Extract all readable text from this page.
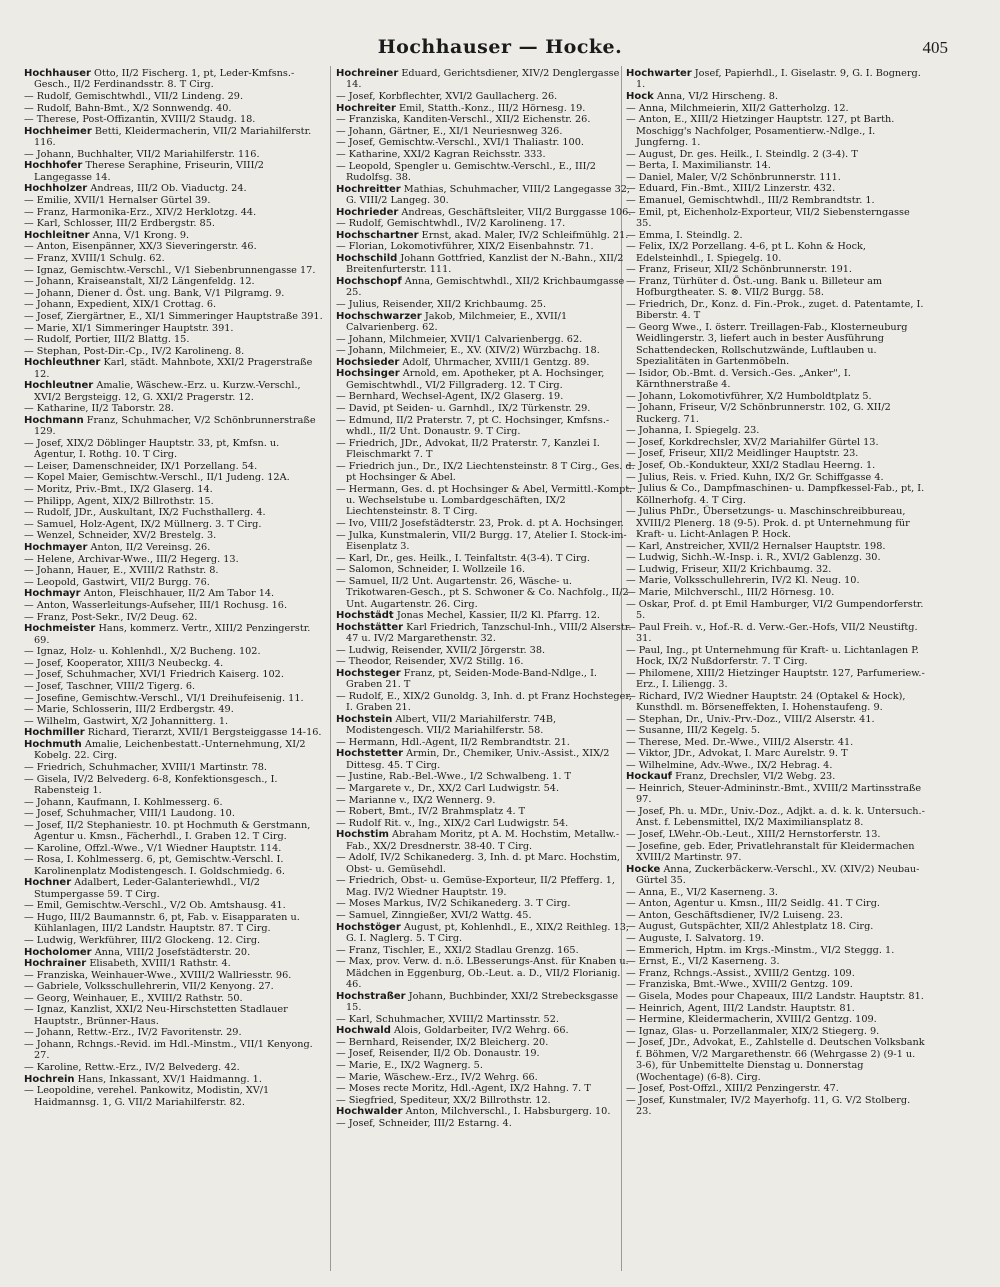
Hochhauser — Hocke.	405
Hochhauser Otto, II/2 Fischerg. 1, pt, Leder-Kmfsns.-Gesch., II/2 Ferdinandsstr. 8. T Cirg.
— Rudolf, Gemischtwhdl., VII/2 Lindeng. 29.
— Rudolf, Bahn-Bmt., X/2 Sonnwendg. 40.
— Therese, Post-Offizantin, XVIII/2 Staudg. 18.
Hochheimer Betti, Kleidermacherin, VII/2 Mariahilferstr. 116.
— Johann, Buchhalter, VII/2 Mariahilferstr. 116.
Hochhofer Therese Seraphine, Friseurin, VIII/2 Langegasse 14.
Hochholzer Andreas, III/2 Ob. Viaductg. 24.
— Emilie, XVII/1 Hernalser Gürtel 39.
— Franz, Harmonika-Erz., XIV/2 Herklotzg. 44.
— Karl, Schlosser, III/2 Erdbergstr. 85.
Hochleitner Anna, V/1 Krong. 9.
— Anton, Eisenpänner, XX/3 Sieveringerstr. 46.
— Franz, XVIII/1 Schulg. 62.
— Ignaz, Gemischtw.-Verschl., V/1 Siebenbrunnengasse 17.
— Johann, Kraiseanstalt, XI/2 Längenfeldg. 12.
— Johann, Diener d. Öst. ung. Bank, V/1 Pilgramg. 9.
— Johann, Expedient, XIX/1 Crottag. 6.
— Josef, Ziergärtner, E., XI/1 Simmeringer Hauptstraße 391.
— Marie, XI/1 Simmeringer Hauptstr. 391.
— Rudolf, Portier, III/2 Blattg. 15.
— Stephan, Post-Dir.-Cp., IV/2 Karolineng. 8.
Hochleuthner Karl, städt. Mahnbote, XXI/2 Pragerstraße 12.
Hochleutner Amalie, Wäschew.-Erz. u. Kurzw.-Verschl., XVI/2 Bergsteigg. 12, G. XXI/2 Pragerstr. 12.
— Katharine, II/2 Taborstr. 28.
Hochmann Franz, Schuhmacher, V/2 Schönbrunnerstraße 129.
— Josef, XIX/2 Döblinger Hauptstr. 33, pt, Kmfsn. u. Agentur, I. Rothg. 10. T Cirg.
— Leiser, Damenschneider, IX/1 Porzellang. 54.
— Kopel Maier, Gemischtw.-Verschl., II/1 Judeng. 12A.
— Moritz, Priv.-Bmt., IX/2 Glaserg. 14.
— Philipp, Agent, XIX/2 Billrothstr. 15.
— Rudolf, JDr., Auskultant, IX/2 Fuchsthallerg. 4.
— Samuel, Holz-Agent, IX/2 Müllnerg. 3. T Cirg.
— Wenzel, Schneider, XV/2 Brestelg. 3.
Hochmayer Anton, II/2 Vereinsg. 26.
— Helene, Archivar-Wwe., III/2 Hegerg. 13.
— Johann, Hauer, E., XVIII/2 Rathstr. 8.
— Leopold, Gastwirt, VII/2 Burgg. 76.
Hochmayr Anton, Fleischhauer, II/2 Am Tabor 14.
— Anton, Wasserleitungs-Aufseher, III/1 Rochusg. 16.
— Franz, Post-Sekr., IV/2 Deug. 62.
Hochmeister Hans, kommerz. Vertr., XIII/2 Penzingerstr. 69.
— Ignaz, Holz- u. Kohlenhdl., X/2 Bucheng. 102.
— Josef, Kooperator, XIII/3 Neubeckg. 4.
— Josef, Schuhmacher, XVI/1 Friedrich Kaiserg. 102.
— Josef, Taschner, VIII/2 Tigerg. 6.
— Josefine, Gemischtw.-Verschl., VI/1 Dreihufeisenig. 11.
— Marie, Schlosserin, III/2 Erdbergstr. 49.
— Wilhelm, Gastwirt, X/2 Johannitterg. 1.
Hochmiller Richard, Tierarzt, XVII/1 Bergsteiggasse 14-16.
Hochmuth Amalie, Leichenbestatt.-Unternehmung, XI/2 Kobelg. 22. Cirg.
— Friedrich, Schuhmacher, XVIII/1 Martinstr. 78.
— Gisela, IV/2 Belvederg. 6-8, Konfektionsgesch., I. Rabensteig 1.
— Johann, Kaufmann, I. Kohlmesserg. 6.
— Josef, Schuhmacher, VIII/1 Laudong. 10.
— Josef, II/2 Stephaniestr. 10. pt Hochmuth & Gerstmann, Agentur u. Kmsn., Fächerhdl., I. Graben 12. T Cirg.
— Karoline, Offzl.-Wwe., V/1 Wiedner Hauptstr. 114.
— Rosa, I. Kohlmesserg. 6, pt, Gemischtw.-Verschl. I. Karolinenplatz Modistengesch. I. Goldschmiedg. 6.
Hochner Adalbert, Leder-Galanteriewhdl., VI/2 Stumpergasse 59. T Cirg.
— Emil, Gemischtw.-Verschl., V/2 Ob. Amtshausg. 41.
— Hugo, III/2 Baumannstr. 6, pt, Fab. v. Eisapparaten u. Kühlanlagen, III/2 Landstr. Hauptstr. 87. T Cirg.
— Ludwig, Werkführer, III/2 Glockeng. 12. Cirg.
Hocholomer Anna, VIII/2 Josefstädterstr. 20.
Hochrainer Elisabeth, XVIII/1 Rathstr. 4.
— Franziska, Weinhauer-Wwe., XVIII/2 Wallriesstr. 96.
— Gabriele, Volksschullehrerin, VII/2 Kenyong. 27.
— Georg, Weinhauer, E., XVIII/2 Rathstr. 50.
— Ignaz, Kanzlist, XXI/2 Neu-Hirschstetten Stadlauer Hauptstr., Brünner-Haus.
— Johann, Rettw.-Erz., IV/2 Favoritenstr. 29.
— Johann, Rchngs.-Revid. im Hdl.-Minstm., VII/1 Kenyong. 27.
— Karoline, Rettw.-Erz., IV/2 Belvederg. 42.
Hochrein Hans, Inkassant, XV/1 Haidmanng. 1.
— Leopoldine, verehel. Pankowitz, Modistin, XV/1 Haidmannsg. 1, G. VII/2 Mariahilferstr. 82.
Hochreiner Eduard, Gerichtsdiener, XIV/2 Denglergasse 14.
— Josef, Korbflechter, XVI/2 Gaullacherg. 26.
Hochreiter Emil, Statth.-Konz., III/2 Hörnesg. 19.
— Franziska, Kanditen-Verschl., XII/2 Eichenstr. 26.
— Johann, Gärtner, E., XI/1 Neuriesnweg 326.
— Josef, Gemischtw.-Verschl., XVI/1 Thaliastr. 100.
— Katharine, XXI/2 Kagran Reichsstr. 333.
— Leopold, Spengler u. Gemischtw.-Verschl., E., III/2 Rudolfsg. 38.
Hochreitter Mathias, Schuhmacher, VIII/2 Langegasse 32, G. VIII/2 Langeg. 30.
Hochrieder Andreas, Geschäftsleiter, VII/2 Burggasse 106.
— Rudolf, Gemischtwhdl., IV/2 Karolineng. 17.
Hochschartner Ernst, akad. Maler, IV/2 Schleifmühlg. 21.
— Florian, Lokomotivführer, XIX/2 Eisenbahnstr. 71.
Hochschild Johann Gottfried, Kanzlist der N.-Bahn., XII/2 Breitenfurterstr. 111.
Hochschopf Anna, Gemischtwhdl., XII/2 Krichbaumgasse 25.
— Julius, Reisender, XII/2 Krichbaumg. 25.
Hochschwarzer Jakob, Milchmeier, E., XVII/1 Calvarienberg. 62.
— Johann, Milchmeier, XVII/1 Calvarienbergg. 62.
— Johann, Milchmeier, E., XV. (XIV/2) Würzbachg. 18.
Hochsieder Adolf, Uhrmacher, XVIII/1 Gentzg. 89.
Hochsinger Arnold, em. Apotheker, pt A. Hochsinger, Gemischtwhdl., VI/2 Fillgraderg. 12. T Cirg.
— Bernhard, Wechsel-Agent, IX/2 Glaserg. 19.
— David, pt Seiden- u. Garnhdl., IX/2 Türkenstr. 29.
— Edmund, II/2 Praterstr. 7, pt C. Hochsinger, Kmfsns.-whdl., II/2 Unt. Donaustr. 9. T Cirg.
— Friedrich, JDr., Advokat, II/2 Praterstr. 7, Kanzlei I. Fleischmarkt 7. T
— Friedrich jun., Dr., IX/2 Liechtensteinstr. 8 T Cirg., Ges. d. pt Hochsinger & Abel.
— Hermann, Ges. d. pt Hochsinger & Abel, Vermittl.-Kompt. u. Wechselstube u. Lombardgeschäften, IX/2 Liechtensteinstr. 8. T Cirg.
— Ivo, VIII/2 Josefstädterstr. 23, Prok. d. pt A. Hochsinger.
— Julka, Kunstmalerin, VII/2 Burgg. 17, Atelier I. Stock-im-Eisenplatz 3.
— Karl, Dr., ges. Heilk., I. Teinfaltstr. 4(3-4). T Cirg.
— Salomon, Schneider, I. Wollzeile 16.
— Samuel, II/2 Unt. Augartenstr. 26, Wäsche- u. Trikotwaren-Gesch., pt S. Schwoner & Co. Nachfolg., II/2 Unt. Augartenstr. 26. Cirg.
Hochstädt Jonas Mechel, Kassier, II/2 Kl. Pfarrg. 12.
Hochstätter Karl Friedrich, Tanzschul-Inh., VIII/2 Alserstr. 47 u. IV/2 Margarethenstr. 32.
— Ludwig, Reisender, XVII/2 Jörgerstr. 38.
— Theodor, Reisender, XV/2 Stillg. 16.
Hochsteger Franz, pt, Seiden-Mode-Band-Ndlge., I. Graben 21. T
— Rudolf, E., XIX/2 Gunoldg. 3, Inh. d. pt Franz Hochsteger, I. Graben 21.
Hochstein Albert, VII/2 Mariahilferstr. 74B, Modistengesch. VII/2 Mariahilferstr. 58.
— Hermann, Hdl.-Agent, II/2 Rembrandtstr. 21.
Hochstetter Armin, Dr., Chemiker, Univ.-Assist., XIX/2 Dittesg. 45. T Cirg.
— Justine, Rab.-Bel.-Wwe., I/2 Schwalbeng. 1. T
— Margarete v., Dr., XX/2 Carl Ludwigstr. 54.
— Marianne v., IX/2 Wennerg. 9.
— Robert, Bmt., IV/2 Brahmsplatz 4. T
— Rudolf Rit. v., Ing., XIX/2 Carl Ludwigstr. 54.
Hochstim Abraham Moritz, pt A. M. Hochstim, Metallw.-Fab., XX/2 Dresdnerstr. 38-40. T Cirg.
— Adolf, IV/2 Schikanederg. 3, Inh. d. pt Marc. Hochstim, Obst- u. Gemüsehdl.
— Friedrich, Obst- u. Gemüse-Exporteur, II/2 Pfefferg. 1, Mag. IV/2 Wiedner Hauptstr. 19.
— Moses Markus, IV/2 Schikanederg. 3. T Cirg.
— Samuel, Zinngießer, XVI/2 Wattg. 45.
Hochstöger August, pt, Kohlenhdl., E., XIX/2 Reithleg. 13, G. I. Naglerg. 5. T Cirg.
— Franz, Tischler, E., XXI/2 Stadlau Grenzg. 165.
— Max, prov. Verw. d. n.ö. LBesserungs-Anst. für Knaben u. Mädchen in Eggenburg, Ob.-Leut. a. D., VII/2 Florianig. 46.
Hochstraßer Johann, Buchbinder, XXI/2 Strebecksgasse 15.
— Karl, Schuhmacher, XVIII/2 Martinsstr. 52.
Hochwald Alois, Goldarbeiter, IV/2 Wehrg. 66.
— Bernhard, Reisender, IX/2 Bleicherg. 20.
— Josef, Reisender, II/2 Ob. Donaustr. 19.
— Marie, E., IX/2 Wagnerg. 5.
— Marie, Wäschew.-Erz., IV/2 Wehrg. 66.
— Moses recte Moritz, Hdl.-Agent, IX/2 Hahng. 7. T
— Siegfried, Spediteur, XX/2 Billrothstr. 12.
Hochwalder Anton, Milchverschl., I. Habsburgerg. 10.
— Josef, Schneider, III/2 Estarng. 4.
Hochwarter Josef, Papierhdl., I. Giselastr. 9, G. I. Bognerg. 1.
Hock Anna, VI/2 Hirscheng. 8.
— Anna, Milchmeierin, XII/2 Gatterholzg. 12.
— Anton, E., XIII/2 Hietzinger Hauptstr. 127, pt Barth. Moschigg's Nachfolger, Posamentierw.-Ndlge., I. Jungferng. 1.
— August, Dr. ges. Heilk., I. Steindlg. 2 (3-4). T
— Berta, I. Maximilianstr. 14.
— Daniel, Maler, V/2 Schönbrunnerstr. 111.
— Eduard, Fin.-Bmt., XIII/2 Linzerstr. 432.
— Emanuel, Gemischtwhdl., III/2 Rembrandtstr. 1.
— Emil, pt, Eichenholz-Exporteur, VII/2 Siebensterngasse 35.
— Emma, I. Steindlg. 2.
— Felix, IX/2 Porzellang. 4-6, pt L. Kohn & Hock, Edelsteinhdl., I. Spiegelg. 10.
— Franz, Friseur, XII/2 Schönbrunnerstr. 191.
— Franz, Türhüter d. Öst.-ung. Bank u. Billeteur am Hofburgtheater. S. ⊗. VII/2 Burgg. 58.
— Friedrich, Dr., Konz. d. Fin.-Prok., zuget. d. Patentamte, I. Biberstr. 4. T
— Georg Wwe., I. österr. Treillagen-Fab., Klosterneuburg Weidlingerstr. 3, liefert auch in bester Ausführung Schattendecken, Rollschutzwände, Luftlauben u. Spezialitäten in Gartenmöbeln.
— Isidor, Ob.-Bmt. d. Versich.-Ges. „Anker", I. Kärnthnerstraße 4.
— Johann, Lokomotivführer, X/2 Humboldtplatz 5.
— Johann, Friseur, V/2 Schönbrunnerstr. 102, G. XII/2 Ruckerg. 71.
— Johanna, I. Spiegelg. 23.
— Josef, Korkdrechsler, XV/2 Mariahilfer Gürtel 13.
— Josef, Friseur, XII/2 Meidlinger Hauptstr. 23.
— Josef, Ob.-Kondukteur, XXI/2 Stadlau Heerng. 1.
— Julius, Reis. v. Fried. Kuhn, IX/2 Gr. Schiffgasse 4.
— Julius & Co., Dampfmaschinen- u. Dampfkessel-Fab., pt, I. Köllnerhofg. 4. T Cirg.
— Julius PhDr., Übersetzungs- u. Maschinschreibbureau, XVIII/2 Plenerg. 18 (9-5). Prok. d. pt Unternehmung für Kraft- u. Licht-Anlagen P. Hock.
— Karl, Anstreicher, XVII/2 Hernalser Hauptstr. 198.
— Ludwig, Sichh.-W.-Insp. i. R., XVI/2 Gablenzg. 30.
— Ludwig, Friseur, XII/2 Krichbaumg. 32.
— Marie, Volksschullehrerin, IV/2 Kl. Neug. 10.
— Marie, Milchverschl., III/2 Hörnesg. 10.
— Oskar, Prof. d. pt Emil Hamburger, VI/2 Gumpendorferstr. 5.
— Paul Freih. v., Hof.-R. d. Verw.-Ger.-Hofs, VII/2 Neustiftg. 31.
— Paul, Ing., pt Unternehmung für Kraft- u. Lichtanlagen P. Hock, IX/2 Nußdorferstr. 7. T Cirg.
— Philomene, XIII/2 Hietzinger Hauptstr. 127, Parfumeriew.-Erz., I. Liliengg. 3.
— Richard, IV/2 Wiedner Hauptstr. 24 (Optakel & Hock), Kunsthdl. m. Börseneffekten, I. Hohenstaufeng. 9.
— Stephan, Dr., Univ.-Prv.-Doz., VIII/2 Alserstr. 41.
— Susanne, III/2 Kegelg. 5.
— Therese, Med. Dr.-Wwe., VIII/2 Alserstr. 41.
— Viktor, JDr., Advokat, I. Marc Aurelstr. 9. T
— Wilhelmine, Adv.-Wwe., IX/2 Hebrag. 4.
Hockauf Franz, Drechsler, VI/2 Webg. 23.
— Heinrich, Steuer-Admininstr.-Bmt., XVIII/2 Martinsstraße 97.
— Josef, Ph. u. MDr., Univ.-Doz., Adjkt. a. d. k. k. Untersuch.-Anst. f. Lebensmittel, IX/2 Maximiliansplatz 8.
— Josef, LWehr.-Ob.-Leut., XIII/2 Hernstorferstr. 13.
— Josefine, geb. Eder, Privatlehranstalt für Kleidermachen XVIII/2 Martinstr. 97.
Hocke Anna, Zuckerbäckerw.-Verschl., XV. (XIV/2) Neubau-Gürtel 35.
— Anna, E., VI/2 Kaserneng. 3.
— Anton, Agentur u. Kmsn., III/2 Seidlg. 41. T Cirg.
— Anton, Geschäftsdiener, IV/2 Luiseng. 23.
— August, Gutspächter, XII/2 Ahlestplatz 18. Cirg.
— Auguste, I. Salvatorg. 19.
— Emmerich, Hptm. im Krgs.-Minstm., VI/2 Steggg. 1.
— Ernst, E., VI/2 Kaserneng. 3.
— Franz, Rchngs.-Assist., XVIII/2 Gentzg. 109.
— Franziska, Bmt.-Wwe., XVIII/2 Gentzg. 109.
— Gisela, Modes pour Chapeaux, III/2 Landstr. Hauptstr. 81.
— Heinrich, Agent, III/2 Landstr. Hauptstr. 81.
— Hermine, Kleidermacherin, XVIII/2 Gentzg. 109.
— Ignaz, Glas- u. Porzellanmaler, XIX/2 Stiegerg. 9.
— Josef, JDr., Advokat, E., Zahlstelle d. Deutschen Volksbank f. Böhmen, V/2 Margarethenstr. 66 (Wehrgasse 2) (9-1 u. 3-6), für Unbemittelte Dienstag u. Donnerstag (Wochentage) (6-8). Cirg.
— Josef, Post-Offzl., XIII/2 Penzingerstr. 47.
— Josef, Kunstmaler, IV/2 Mayerhofg. 11, G. V/2 Stolberg. 23.
